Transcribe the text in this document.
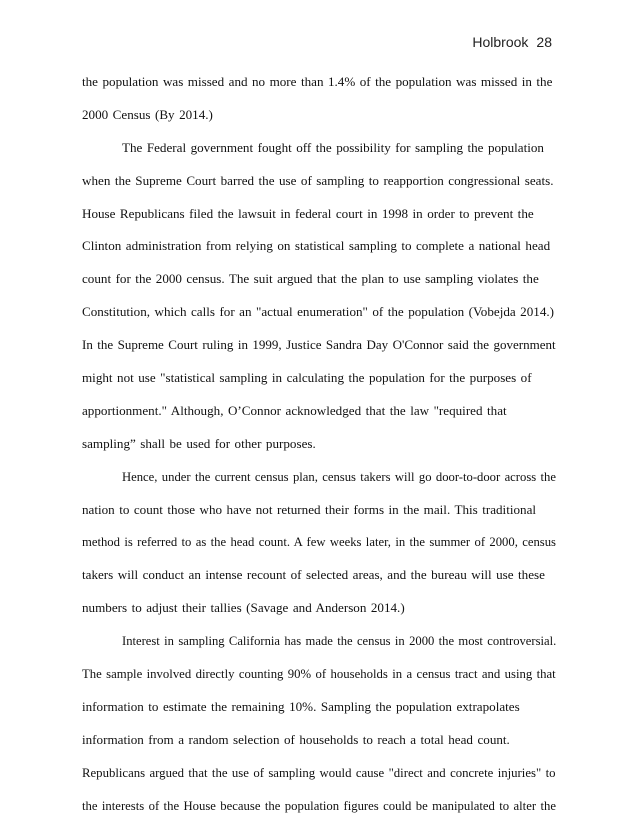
Holbrook 28
the population was missed and no more than 1.4% of the population was missed in the
2000 Census (By 2014.)
The Federal government fought off the possibility for sampling the population
when the Supreme Court barred the use of sampling to reapportion congressional seats.
House Republicans filed the lawsuit in federal court in 1998 in order to prevent the
Clinton administration from relying on statistical sampling to complete a national head
count for the 2000 census. The suit argued that the plan to use sampling violates the
Constitution, which calls for an "actual enumeration" of the population (Vobejda 2014.)
In the Supreme Court ruling in 1999, Justice Sandra Day O'Connor said the government
might not use "statistical sampling in calculating the population for the purposes of
apportionment." Although, O’Connor acknowledged that the law "required that
sampling” shall be used for other purposes.
Hence, under the current census plan, census takers will go door-to-door across the
nation to count those who have not returned their forms in the mail. This traditional
method is referred to as the head count. A few weeks later, in the summer of 2000, census
takers will conduct an intense recount of selected areas, and the bureau will use these
numbers to adjust their tallies (Savage and Anderson 2014.)
Interest in sampling California has made the census in 2000 the most controversial.
The sample involved directly counting 90% of households in a census tract and using that
information to estimate the remaining 10%. Sampling the population extrapolates
information from a random selection of households to reach a total head count.
Republicans argued that the use of sampling would cause "direct and concrete injuries" to
the interests of the House because the population figures could be manipulated to alter the
